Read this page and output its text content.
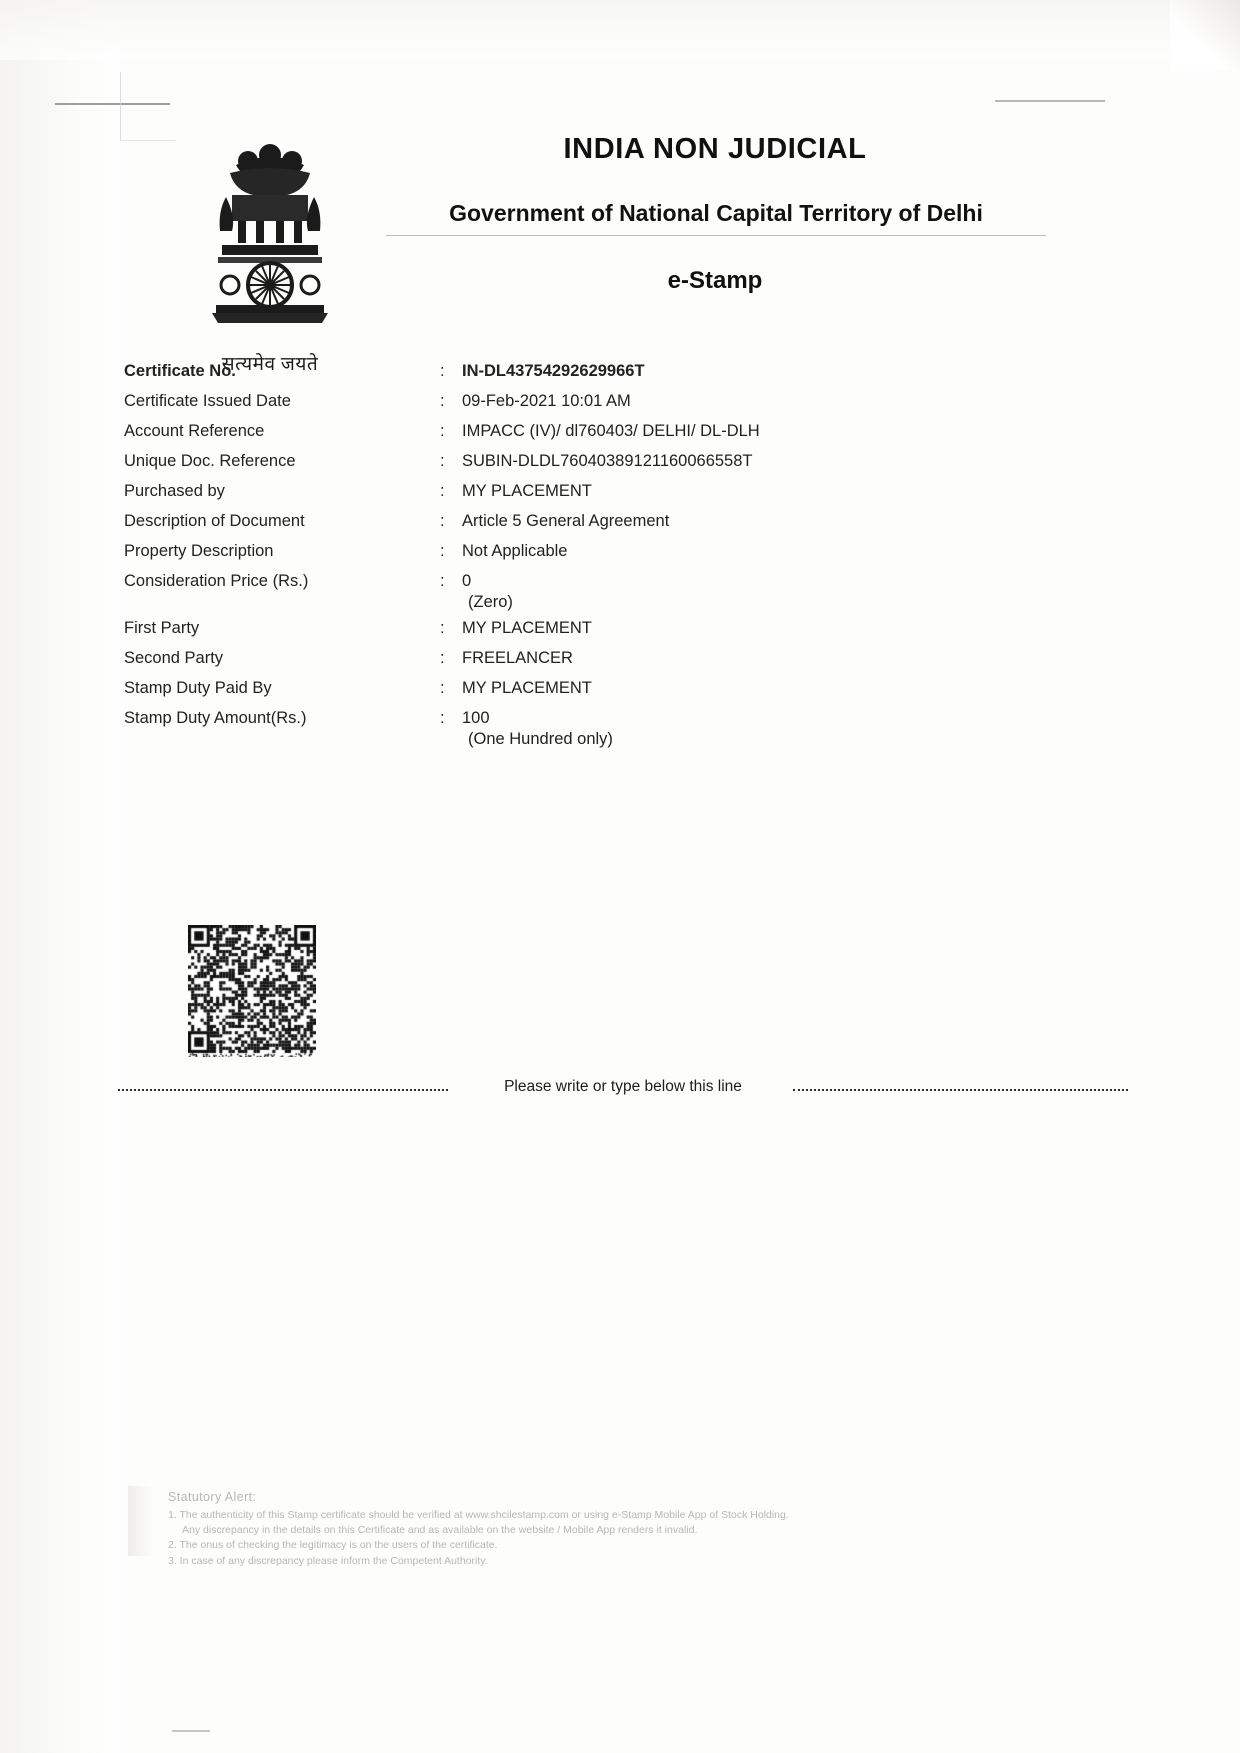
सत्यमेव जयते
INDIA NON JUDICIAL
Government of National Capital Territory of Delhi
e-Stamp
Certificate No.	: IN-DL43754292629966T
Certificate Issued Date	: 09-Feb-2021 10:01 AM
Account Reference	: IMPACC (IV)/ dl760403/ DELHI/ DL-DLH
Unique Doc. Reference	: SUBIN-DLDL76040389121160066558T
Purchased by	: MY PLACEMENT
Description of Document	: Article 5 General Agreement
Property Description	: Not Applicable
Consideration Price (Rs.)	: 0
(Zero)
First Party	: MY PLACEMENT
Second Party	: FREELANCER
Stamp Duty Paid By	: MY PLACEMENT
Stamp Duty Amount(Rs.)	: 100
(One Hundred only)
Please write or type below this line
Statutory Alert:
1. The authenticity of this Stamp certificate should be verified at www.shcilestamp.com or using e-Stamp Mobile App of Stock Holding.
Any discrepancy in the details on this Certificate and as available on the website / Mobile App renders it invalid.
2. The onus of checking the legitimacy is on the users of the certificate.
3. In case of any discrepancy please inform the Competent Authority.
